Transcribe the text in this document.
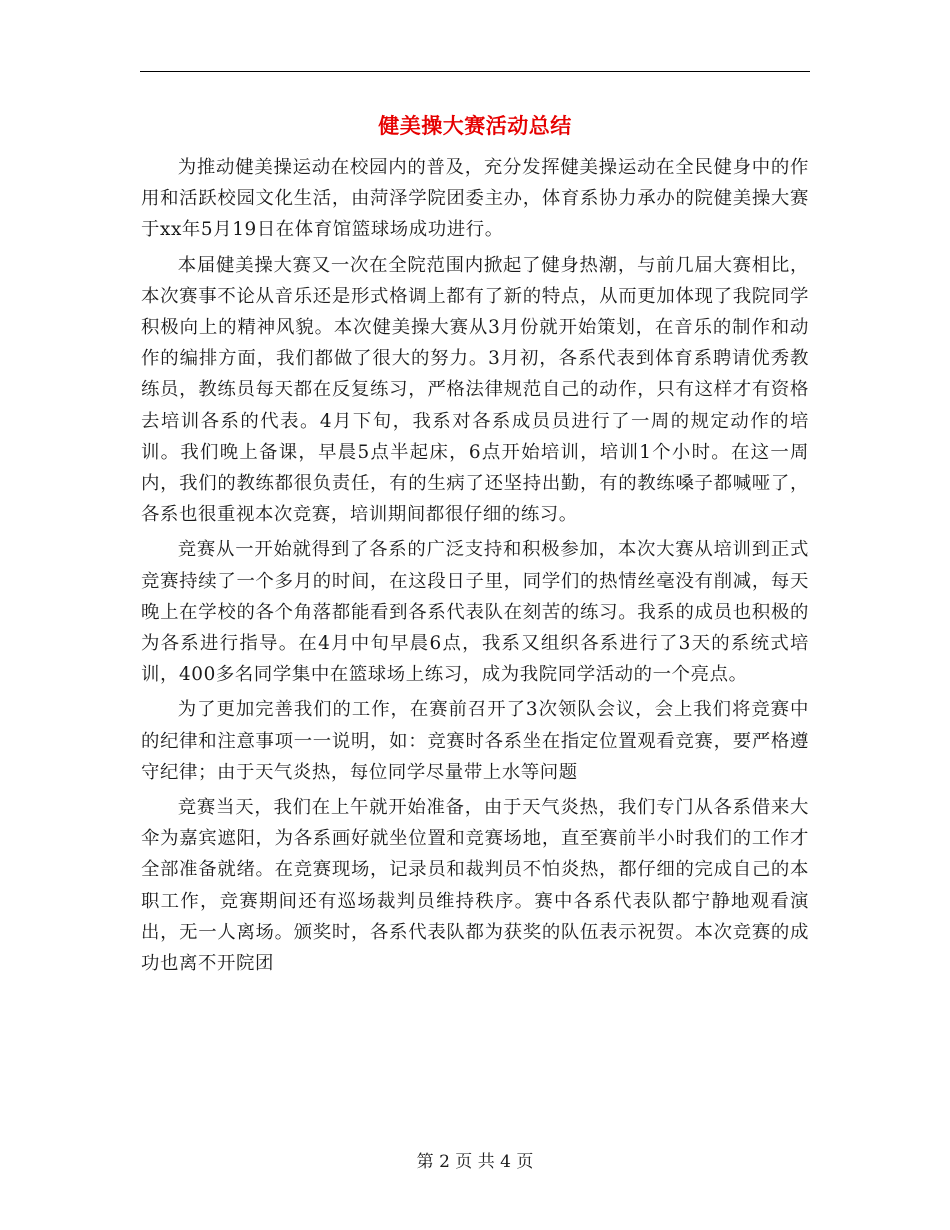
健美操大赛活动总结

为推动健美操运动在校园内的普及，充分发挥健美操运动在全民健身中的作用和活跃校园文化生活，由菏泽学院团委主办，体育系协力承办的院健美操大赛于xx年5月19日在体育馆篮球场成功进行。

本届健美操大赛又一次在全院范围内掀起了健身热潮，与前几届大赛相比，本次赛事不论从音乐还是形式格调上都有了新的特点，从而更加体现了我院同学积极向上的精神风貌。本次健美操大赛从3月份就开始策划，在音乐的制作和动作的编排方面，我们都做了很大的努力。3月初，各系代表到体育系聘请优秀教练员，教练员每天都在反复练习，严格法律规范自己的动作，只有这样才有资格去培训各系的代表。4月下旬，我系对各系成员员进行了一周的规定动作的培训。我们晚上备课，早晨5点半起床，6点开始培训，培训1个小时。在这一周内，我们的教练都很负责任，有的生病了还坚持出勤，有的教练嗓子都喊哑了，各系也很重视本次竞赛，培训期间都很仔细的练习。

竞赛从一开始就得到了各系的广泛支持和积极参加，本次大赛从培训到正式竞赛持续了一个多月的时间，在这段日子里，同学们的热情丝毫没有削减，每天晚上在学校的各个角落都能看到各系代表队在刻苦的练习。我系的成员也积极的为各系进行指导。在4月中旬早晨6点，我系又组织各系进行了3天的系统式培训，400多名同学集中在篮球场上练习，成为我院同学活动的一个亮点。

为了更加完善我们的工作，在赛前召开了3次领队会议，会上我们将竞赛中的纪律和注意事项一一说明，如：竞赛时各系坐在指定位置观看竞赛，要严格遵守纪律；由于天气炎热，每位同学尽量带上水等问题

竞赛当天，我们在上午就开始准备，由于天气炎热，我们专门从各系借来大伞为嘉宾遮阳，为各系画好就坐位置和竞赛场地，直至赛前半小时我们的工作才全部准备就绪。在竞赛现场，记录员和裁判员不怕炎热，都仔细的完成自己的本职工作，竞赛期间还有巡场裁判员维持秩序。赛中各系代表队都宁静地观看演出，无一人离场。颁奖时，各系代表队都为获奖的队伍表示祝贺。本次竞赛的成功也离不开院团

第 2 页 共 4 页
